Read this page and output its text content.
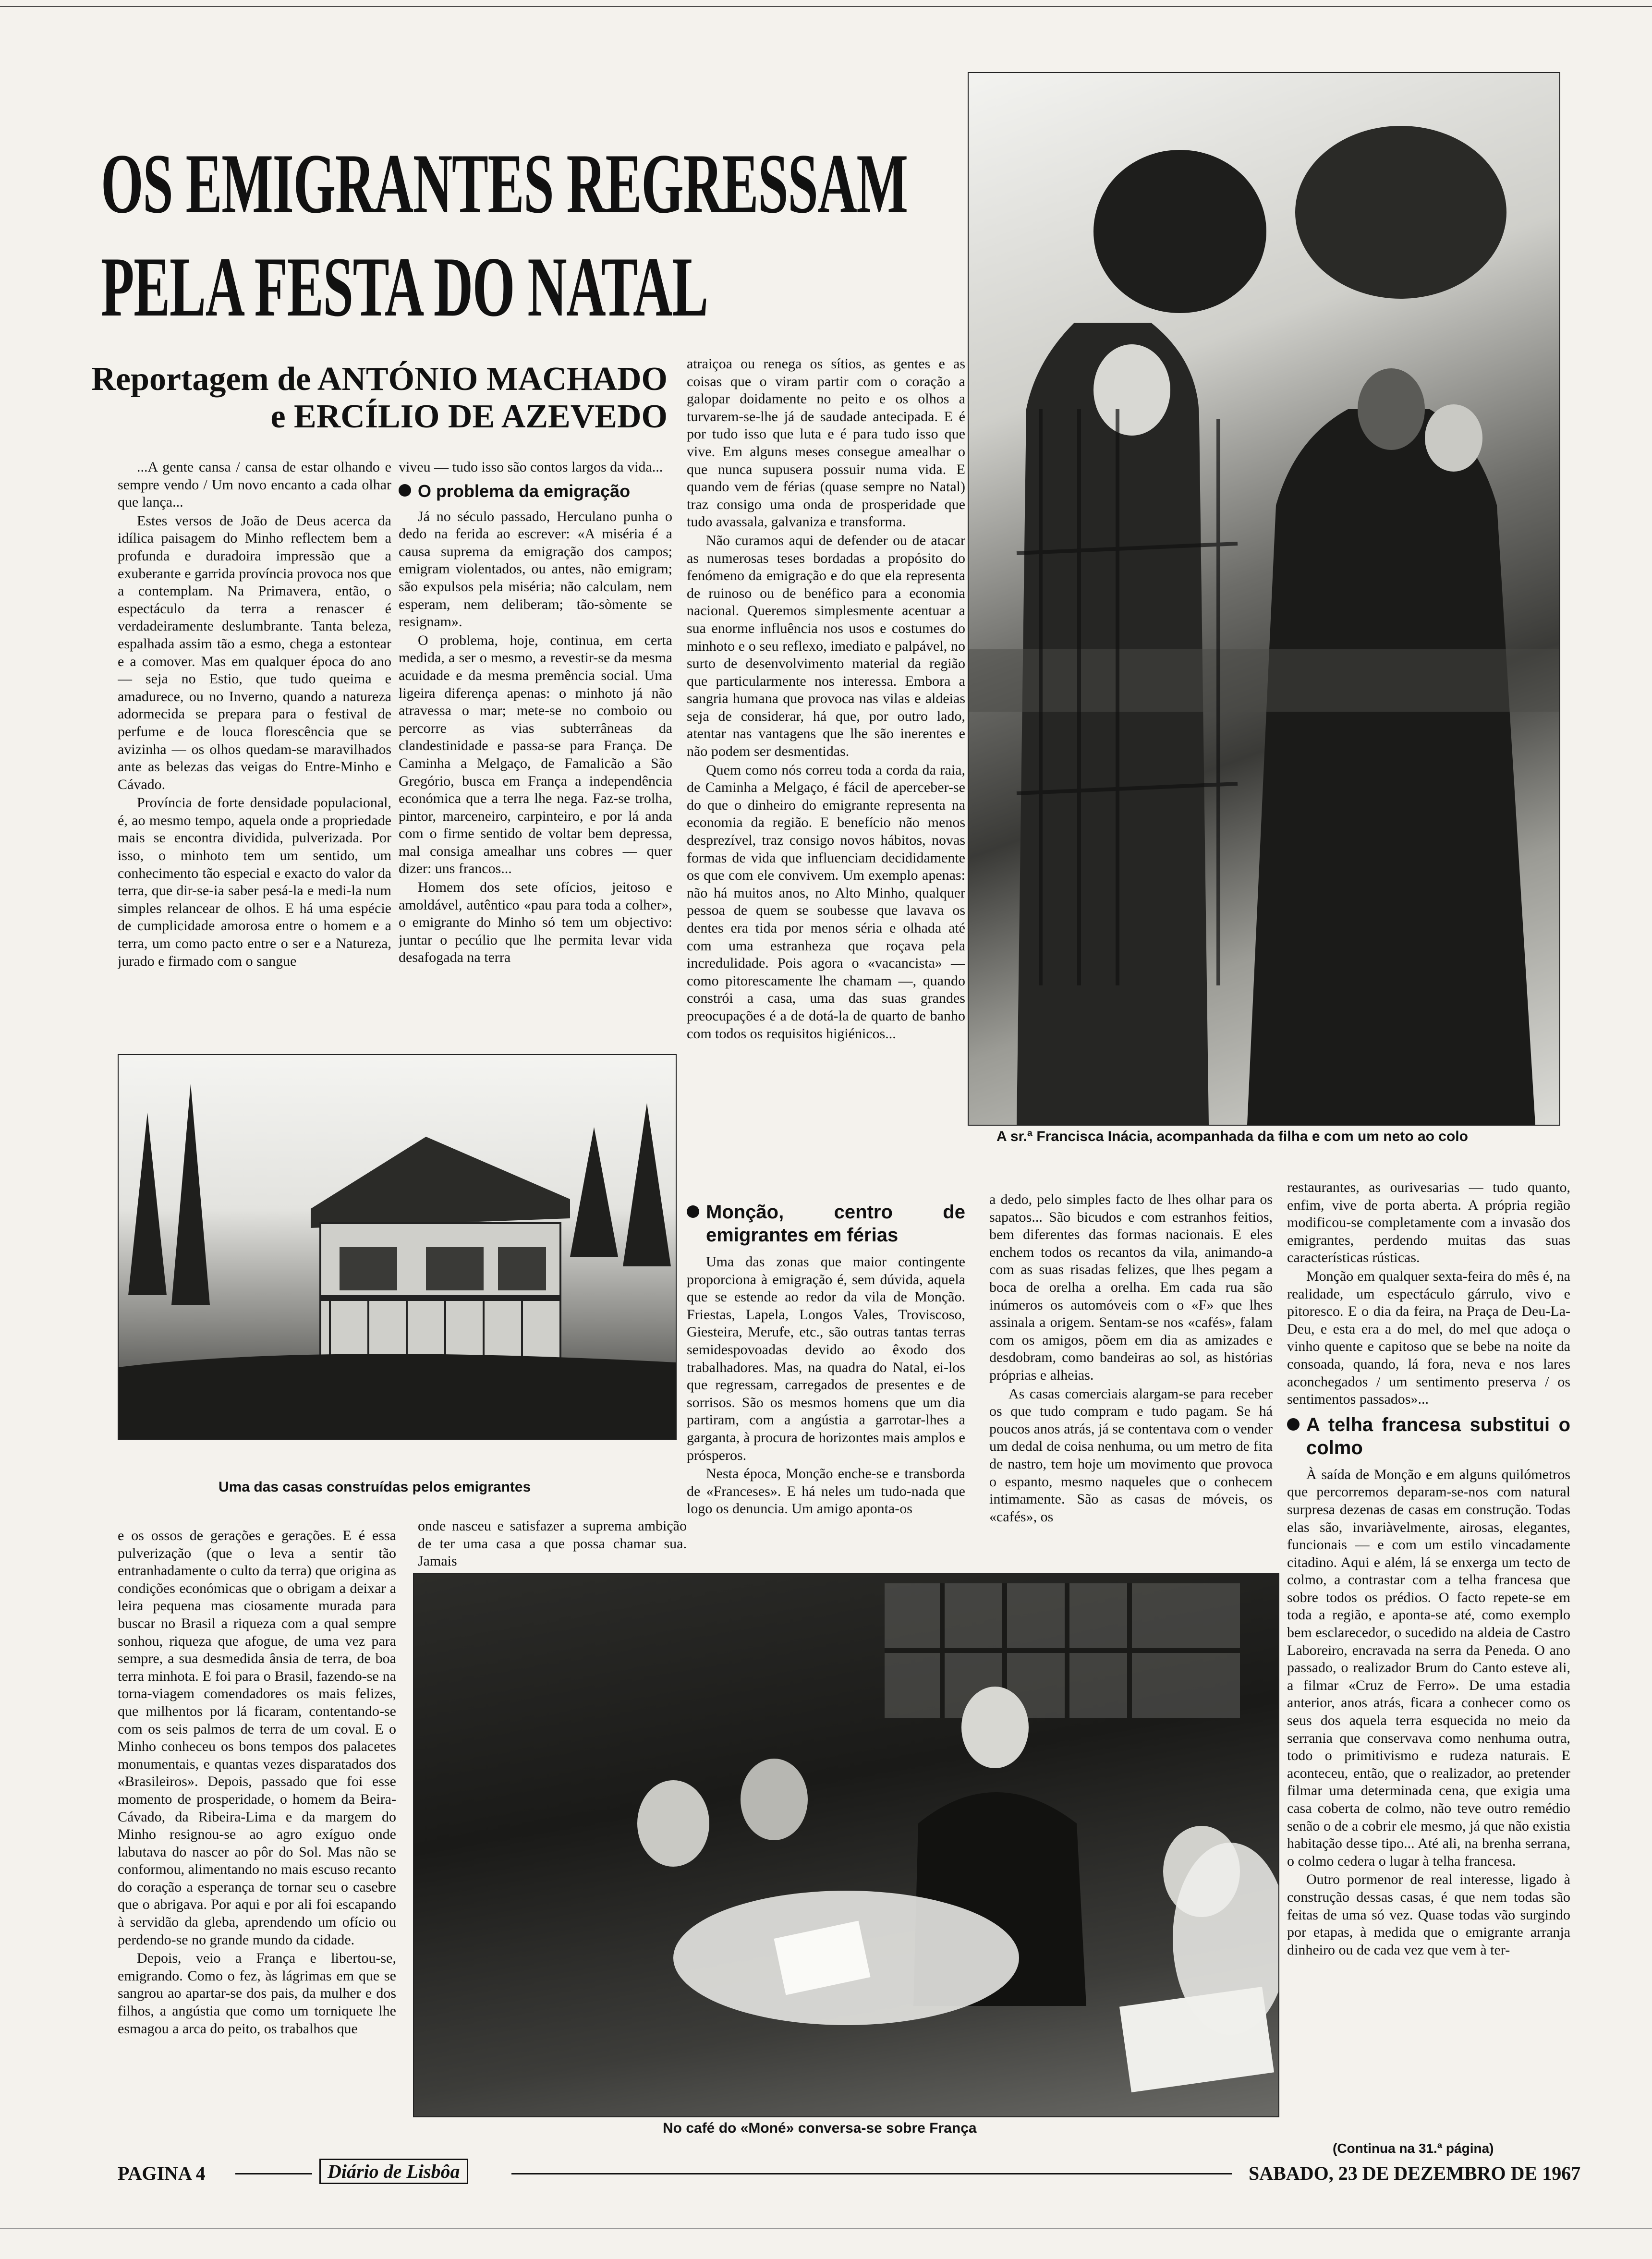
OS EMIGRANTES REGRESSAM
PELA FESTA DO NATAL
Reportagem de ANTÓNIO MACHADO
e ERCÍLIO DE AZEVEDO

...A gente cansa / cansa de estar olhando e sempre vendo / Um novo encanto a cada olhar que lança...

Estes versos de João de Deus acerca da idílica paisagem do Minho reflectem bem a profunda e duradoira impressão que a exuberante e garrida província provoca nos que a contemplam. Na Primavera, então, o espectáculo da terra a renascer é verdadeiramente deslumbrante. Tanta beleza, espalhada assim tão a esmo, chega a estontear e a comover. Mas em qualquer época do ano — seja no Estio, que tudo queima e amadurece, ou no Inverno, quando a natureza adormecida se prepara para o festival de perfume e de louca florescência que se avizinha — os olhos quedam-se maravilhados ante as belezas das veigas do Entre-Minho e Cávado.

Província de forte densidade populacional, é, ao mesmo tempo, aquela onde a propriedade mais se encontra dividida, pulverizada. Por isso, o minhoto tem um sentido, um conhecimento tão especial e exacto do valor da terra, que dir-se-ia saber pesá-la e medi-la num simples relancear de olhos. E há uma espécie de cumplicidade amorosa entre o homem e a terra, um como pacto entre o ser e a Natureza, jurado e firmado com o sangue

viveu — tudo isso são contos largos da vida...

O problema da emigração

Já no século passado, Herculano punha o dedo na ferida ao escrever: «A miséria é a causa suprema da emigração dos campos; emigram violentados, ou antes, não emigram; são expulsos pela miséria; não calculam, nem esperam, nem deliberam; tão-sòmente se resignam».

O problema, hoje, continua, em certa medida, a ser o mesmo, a revestir-se da mesma acuidade e da mesma premência social. Uma ligeira diferença apenas: o minhoto já não atravessa o mar; mete-se no comboio ou percorre as vias subterrâneas da clandestinidade e passa-se para França. De Caminha a Melgaço, de Famalicão a São Gregório, busca em França a independência económica que a terra lhe nega. Faz-se trolha, pintor, marceneiro, carpinteiro, e por lá anda com o firme sentido de voltar bem depressa, mal consiga amealhar uns cobres — quer dizer: uns francos...

Homem dos sete ofícios, jeitoso e amoldável, autêntico «pau para toda a colher», o emigrante do Minho só tem um objectivo: juntar o pecúlio que lhe permita levar vida desafogada na terra

atraiçoa ou renega os sítios, as gentes e as coisas que o viram partir com o coração a galopar doidamente no peito e os olhos a turvarem-se-lhe já de saudade antecipada. E é por tudo isso que luta e é para tudo isso que vive. Em alguns meses consegue amealhar o que nunca supusera possuir numa vida. E quando vem de férias (quase sempre no Natal) traz consigo uma onda de prosperidade que tudo avassala, galvaniza e transforma.

Não curamos aqui de defender ou de atacar as numerosas teses bordadas a propósito do fenómeno da emigração e do que ela representa de ruinoso ou de benéfico para a economia nacional. Queremos simplesmente acentuar a sua enorme influência nos usos e costumes do minhoto e o seu reflexo, imediato e palpável, no surto de desenvolvimento material da região que particularmente nos interessa. Embora a sangria humana que provoca nas vilas e aldeias seja de considerar, há que, por outro lado, atentar nas vantagens que lhe são inerentes e não podem ser desmentidas.

Quem como nós correu toda a corda da raia, de Caminha a Melgaço, é fácil de aperceber-se do que o dinheiro do emigrante representa na economia da região. E benefício não menos desprezível, traz consigo novos hábitos, novas formas de vida que influenciam decididamente os que com ele convivem. Um exemplo apenas: não há muitos anos, no Alto Minho, qualquer pessoa de quem se soubesse que lavava os dentes era tida por menos séria e olhada até com uma estranheza que roçava pela incredulidade. Pois agora o «vacancista» — como pitorescamente lhe chamam —, quando constrói a casa, uma das suas grandes preocupações é a de dotá-la de quarto de banho com todos os requisitos higiénicos...

Monção, centro de emigrantes em férias

Uma das zonas que maior contingente proporciona à emigração é, sem dúvida, aquela que se estende ao redor da vila de Monção. Friestas, Lapela, Longos Vales, Troviscoso, Giesteira, Merufe, etc., são outras tantas terras semidespovoadas devido ao êxodo dos trabalhadores. Mas, na quadra do Natal, ei-los que regressam, carregados de presentes e de sorrisos. São os mesmos homens que um dia partiram, com a angústia a garrotar-lhes a garganta, à procura de horizontes mais amplos e prósperos.

Nesta época, Monção enche-se e transborda de «Franceses». E há neles um tudo-nada que logo os denuncia. Um amigo aponta-os

a dedo, pelo simples facto de lhes olhar para os sapatos... São bicudos e com estranhos feitios, bem diferentes das formas nacionais. E eles enchem todos os recantos da vila, animando-a com as suas risadas felizes, que lhes pegam a boca de orelha a orelha. Em cada rua são inúmeros os automóveis com o «F» que lhes assinala a origem. Sentam-se nos «cafés», falam com os amigos, põem em dia as amizades e desdobram, como bandeiras ao sol, as histórias próprias e alheias.

As casas comerciais alargam-se para receber os que tudo compram e tudo pagam. Se há poucos anos atrás, já se contentava com o vender um dedal de coisa nenhuma, ou um metro de fita de nastro, tem hoje um movimento que provoca o espanto, mesmo naqueles que o conhecem intimamente. São as casas de móveis, os «cafés», os

restaurantes, as ourivesarias — tudo quanto, enfim, vive de porta aberta. A própria região modificou-se completamente com a invasão dos emigrantes, perdendo muitas das suas características rústicas.

Monção em qualquer sexta-feira do mês é, na realidade, um espectáculo gárrulo, vivo e pitoresco. E o dia da feira, na Praça de Deu-La-Deu, e esta era a do mel, do mel que adoça o vinho quente e capitoso que se bebe na noite da consoada, quando, lá fora, neva e nos lares aconchegados / um sentimento preserva / os sentimentos passados»...

A telha francesa substitui o colmo

À saída de Monção e em alguns quilómetros que percorremos deparam-se-nos com natural surpresa dezenas de casas em construção. Todas elas são, invariàvelmente, airosas, elegantes, funcionais — e com um estilo vincadamente citadino. Aqui e além, lá se enxerga um tecto de colmo, a contrastar com a telha francesa que sobre todos os prédios. O facto repete-se em toda a região, e aponta-se até, como exemplo bem esclarecedor, o sucedido na aldeia de Castro Laboreiro, encravada na serra da Peneda. O ano passado, o realizador Brum do Canto esteve ali, a filmar «Cruz de Ferro». De uma estadia anterior, anos atrás, ficara a conhecer como os seus dos aquela terra esquecida no meio da serrania que conservava como nenhuma outra, todo o primitivismo e rudeza naturais. E aconteceu, então, que o realizador, ao pretender filmar uma determinada cena, que exigia uma casa coberta de colmo, não teve outro remédio senão o de a cobrir ele mesmo, já que não existia habitação desse tipo... Até ali, na brenha serrana, o colmo cedera o lugar à telha francesa.

Outro pormenor de real interesse, ligado à construção dessas casas, é que nem todas são feitas de uma só vez. Quase todas vão surgindo por etapas, à medida que o emigrante arranja dinheiro ou de cada vez que vem à ter-

(Continua na 31.ª página)

e os ossos de gerações e gerações. E é essa pulverização (que o leva a sentir tão entranhadamente o culto da terra) que origina as condições económicas que o obrigam a deixar a leira pequena mas ciosamente murada para buscar no Brasil a riqueza com a qual sempre sonhou, riqueza que afogue, de uma vez para sempre, a sua desmedida ânsia de terra, de boa terra minhota. E foi para o Brasil, fazendo-se na torna-viagem comendadores os mais felizes, que milhentos por lá ficaram, contentando-se com os seis palmos de terra de um coval. E o Minho conheceu os bons tempos dos palacetes monumentais, e quantas vezes disparatados dos «Brasileiros». Depois, passado que foi esse momento de prosperidade, o homem da Beira-Cávado, da Ribeira-Lima e da margem do Minho resignou-se ao agro exíguo onde labutava do nascer ao pôr do Sol. Mas não se conformou, alimentando no mais escuso recanto do coração a esperança de tornar seu o casebre que o abrigava. Por aqui e por ali foi escapando à servidão da gleba, aprendendo um ofício ou perdendo-se no grande mundo da cidade.

Depois, veio a França e libertou-se, emigrando. Como o fez, às lágrimas em que se sangrou ao apartar-se dos pais, da mulher e dos filhos, a angústia que como um torniquete lhe esmagou a arca do peito, os trabalhos que

onde nasceu e satisfazer a suprema ambição de ter uma casa a que possa chamar sua. Jamais

A sr.ª Francisca Inácia, acompanhada da filha e com um neto ao colo
Uma das casas construídas pelos emigrantes
No café do «Moné» conversa-se sobre França
PAGINA 4	Diário de Lisbôa	SABADO, 23 DE DEZEMBRO DE 1967
